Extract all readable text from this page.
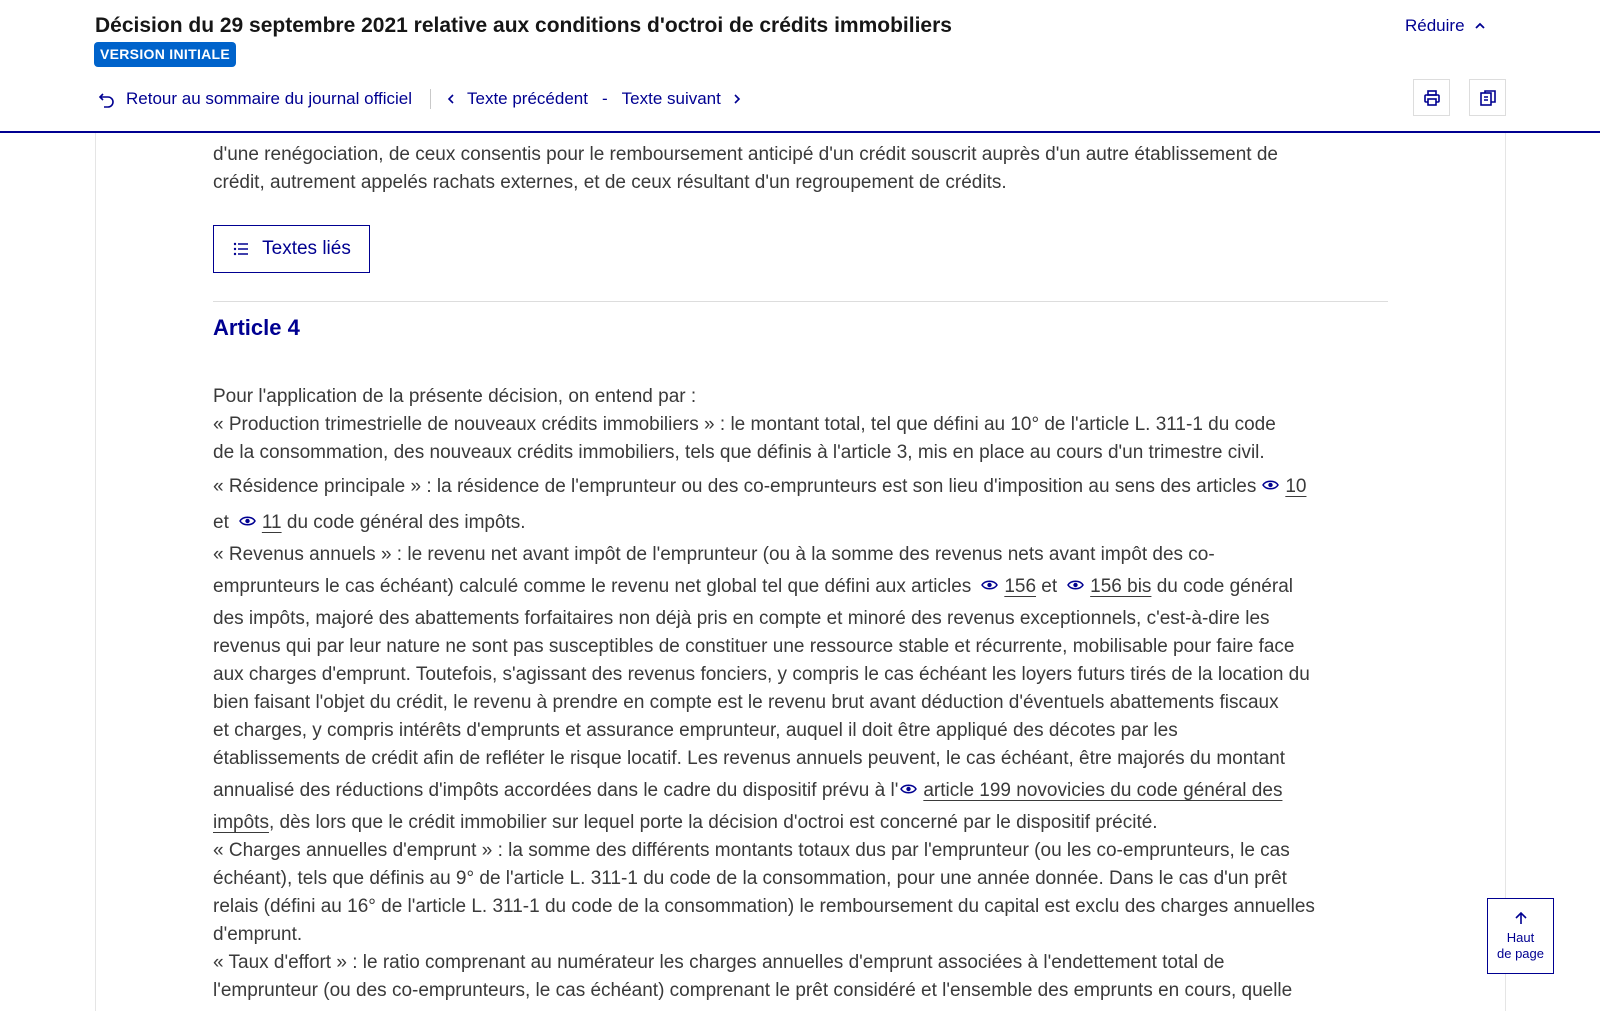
Décision du 29 septembre 2021 relative aux conditions d'octroi de crédits immobiliers
VERSION INITIALE
Réduire
Retour au sommaire du journal officiel	Texte précédent - Texte suivant
d'une renégociation, de ceux consentis pour le remboursement anticipé d'un crédit souscrit auprès d'un autre établissement de
crédit, autrement appelés rachats externes, et de ceux résultant d'un regroupement de crédits.
Textes liés
Article 4
Pour l'application de la présente décision, on entend par :
« Production trimestrielle de nouveaux crédits immobiliers » : le montant total, tel que défini au 10° de l'article L. 311-1 du code
de la consommation, des nouveaux crédits immobiliers, tels que définis à l'article 3, mis en place au cours d'un trimestre civil.
« Résidence principale » : la résidence de l'emprunteur ou des co-emprunteurs est son lieu d'imposition au sens des articles 10
et 11 du code général des impôts.
« Revenus annuels » : le revenu net avant impôt de l'emprunteur (ou à la somme des revenus nets avant impôt des co-
emprunteurs le cas échéant) calculé comme le revenu net global tel que défini aux articles 156 et 156 bis du code général
des impôts, majoré des abattements forfaitaires non déjà pris en compte et minoré des revenus exceptionnels, c'est-à-dire les
revenus qui par leur nature ne sont pas susceptibles de constituer une ressource stable et récurrente, mobilisable pour faire face
aux charges d'emprunt. Toutefois, s'agissant des revenus fonciers, y compris le cas échéant les loyers futurs tirés de la location du
bien faisant l'objet du crédit, le revenu à prendre en compte est le revenu brut avant déduction d'éventuels abattements fiscaux
et charges, y compris intérêts d'emprunts et assurance emprunteur, auquel il doit être appliqué des décotes par les
établissements de crédit afin de refléter le risque locatif. Les revenus annuels peuvent, le cas échéant, être majorés du montant
annualisé des réductions d'impôts accordées dans le cadre du dispositif prévu à l' article 199 novovicies du code général des
impôts, dès lors que le crédit immobilier sur lequel porte la décision d'octroi est concerné par le dispositif précité.
« Charges annuelles d'emprunt » : la somme des différents montants totaux dus par l'emprunteur (ou les co-emprunteurs, le cas
échéant), tels que définis au 9° de l'article L. 311-1 du code de la consommation, pour une année donnée. Dans le cas d'un prêt
relais (défini au 16° de l'article L. 311-1 du code de la consommation) le remboursement du capital est exclu des charges annuelles
d'emprunt.
« Taux d'effort » : le ratio comprenant au numérateur les charges annuelles d'emprunt associées à l'endettement total de
l'emprunteur (ou des co-emprunteurs, le cas échéant) comprenant le prêt considéré et l'ensemble des emprunts en cours, quelle
Haut
de page
